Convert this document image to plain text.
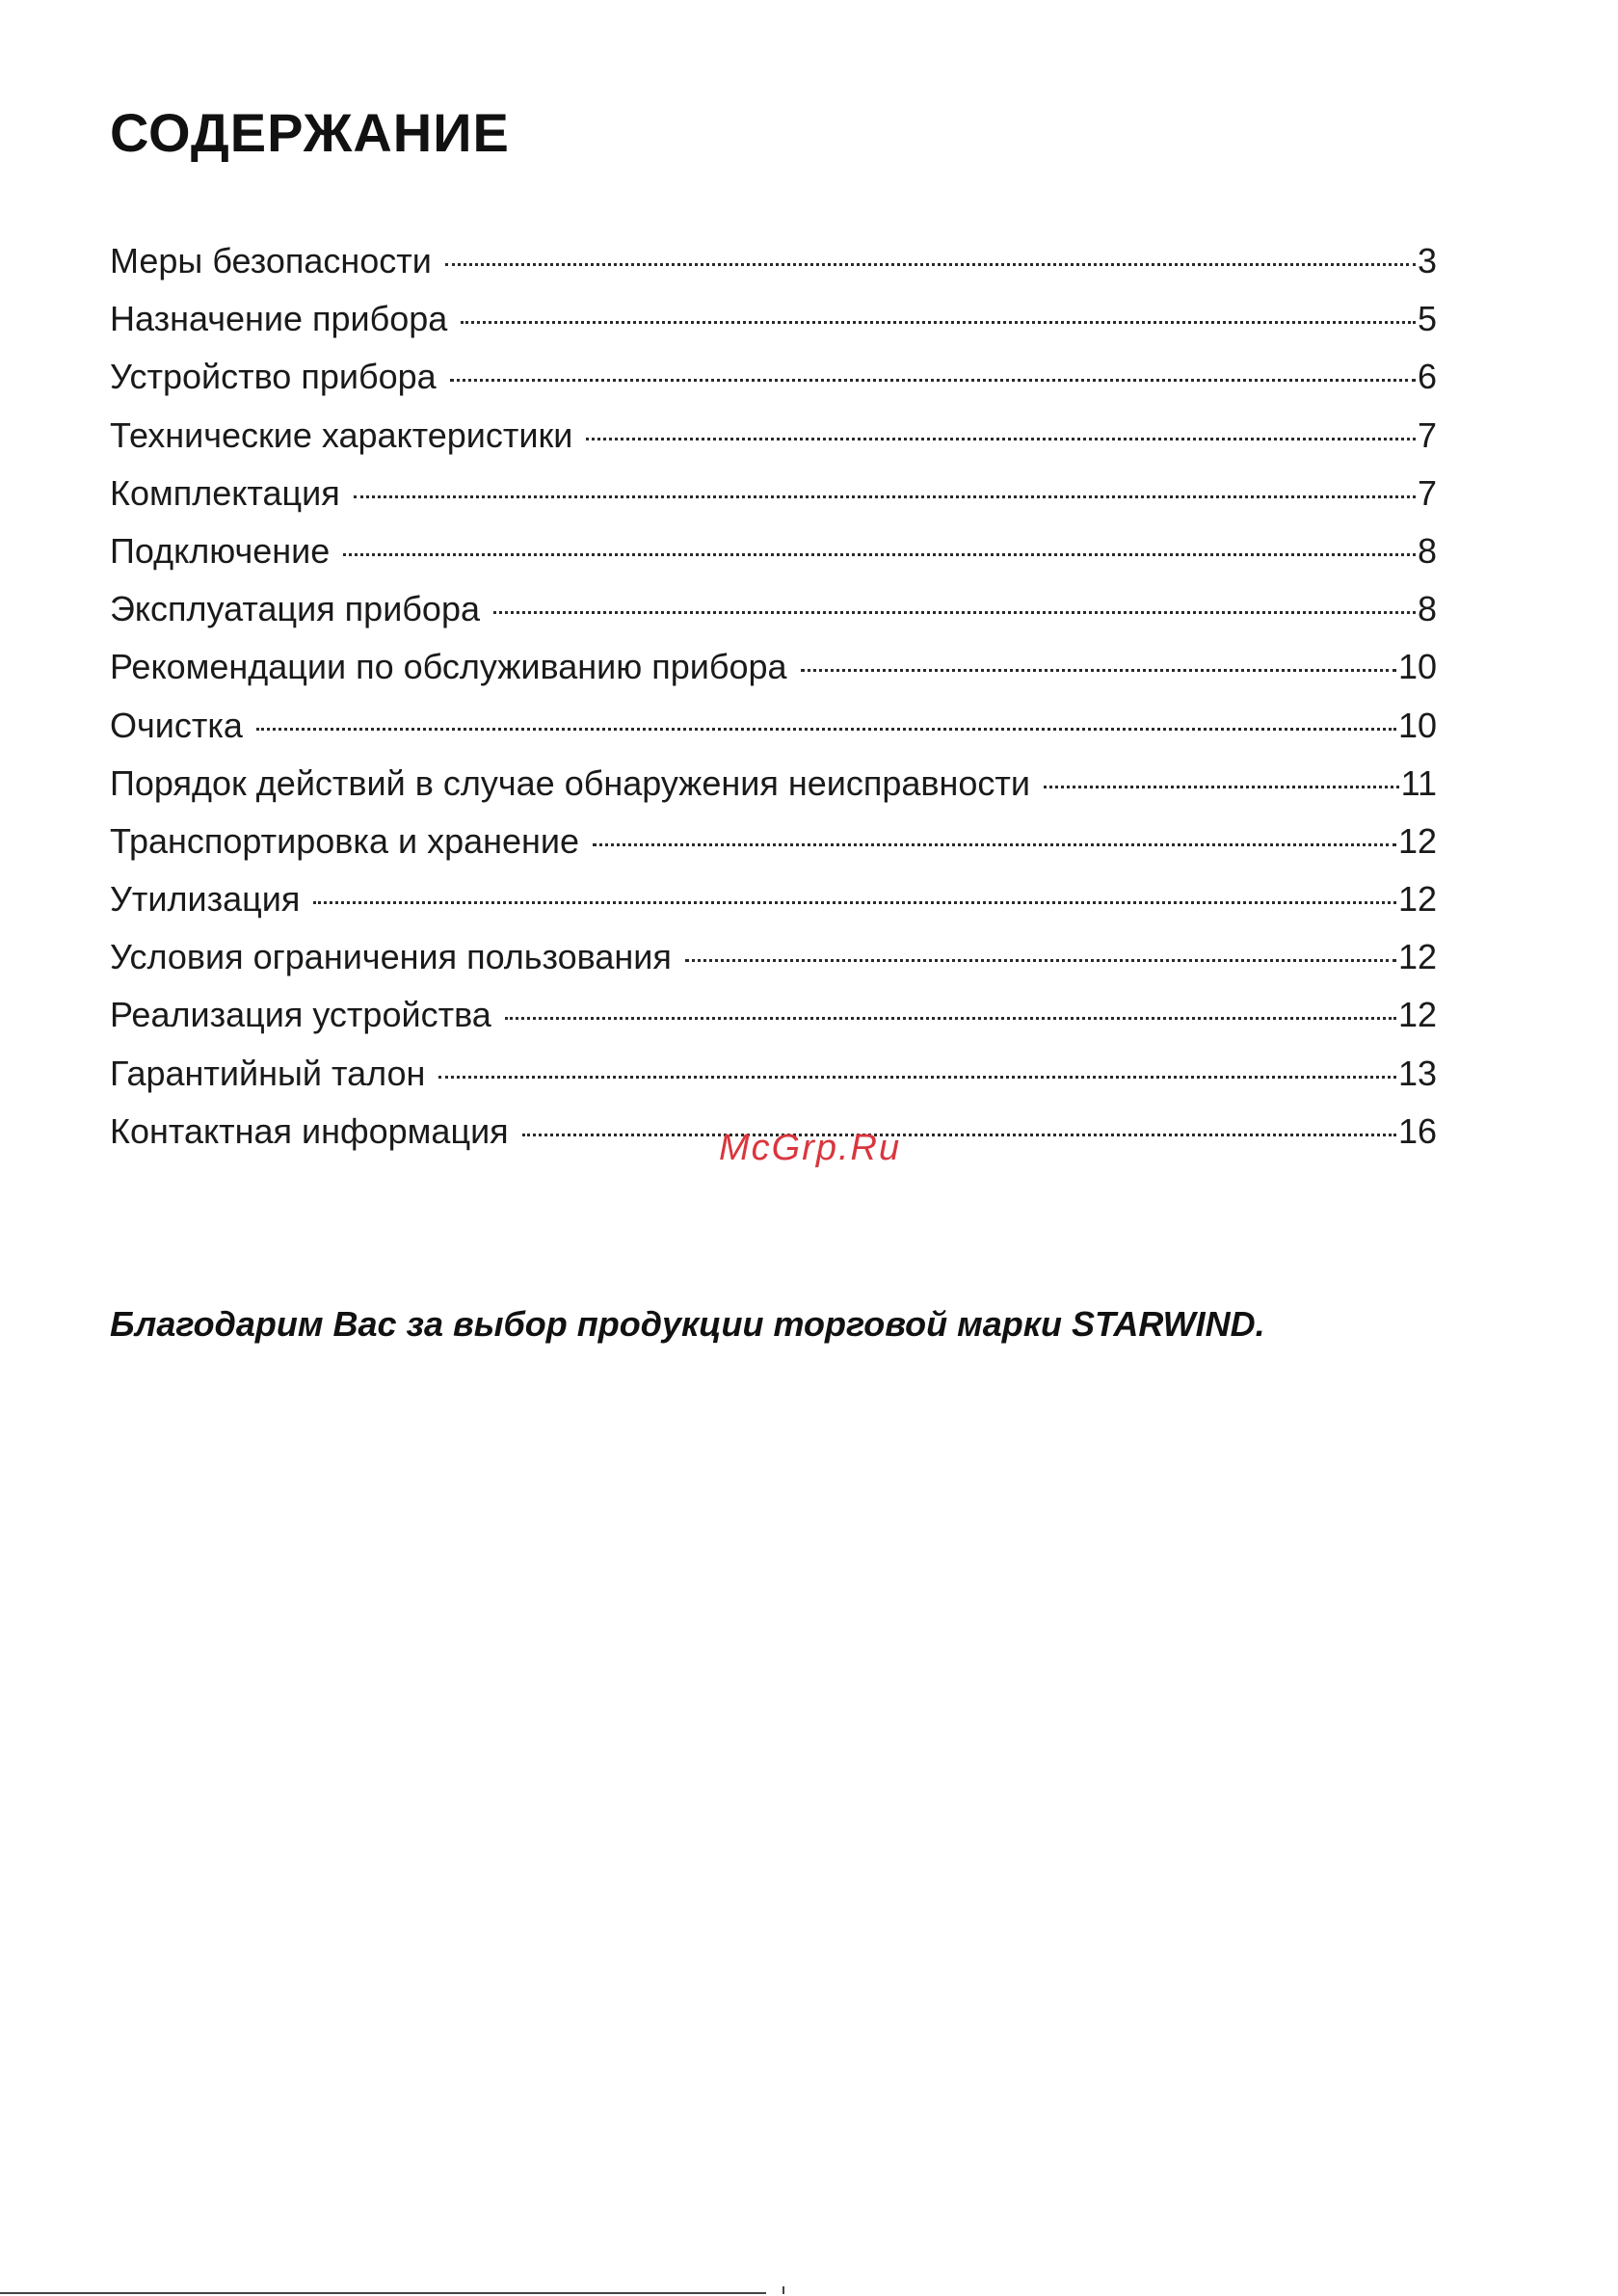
СОДЕРЖАНИЕ
Меры безопасности	3
Назначение прибора	5
Устройство прибора	6
Технические характеристики	7
Комплектация	7
Подключение	8
Эксплуатация прибора	8
Рекомендации по обслуживанию прибора	10
Очистка	10
Порядок действий в случае обнаружения неисправности	11
Транспортировка и хранение	12
Утилизация	12
Условия ограничения пользования	12
Реализация устройства	12
Гарантийный талон	13
Контактная информация	16
McGrp.Ru

Благодарим Вас за выбор продукции торговой марки STARWIND.
